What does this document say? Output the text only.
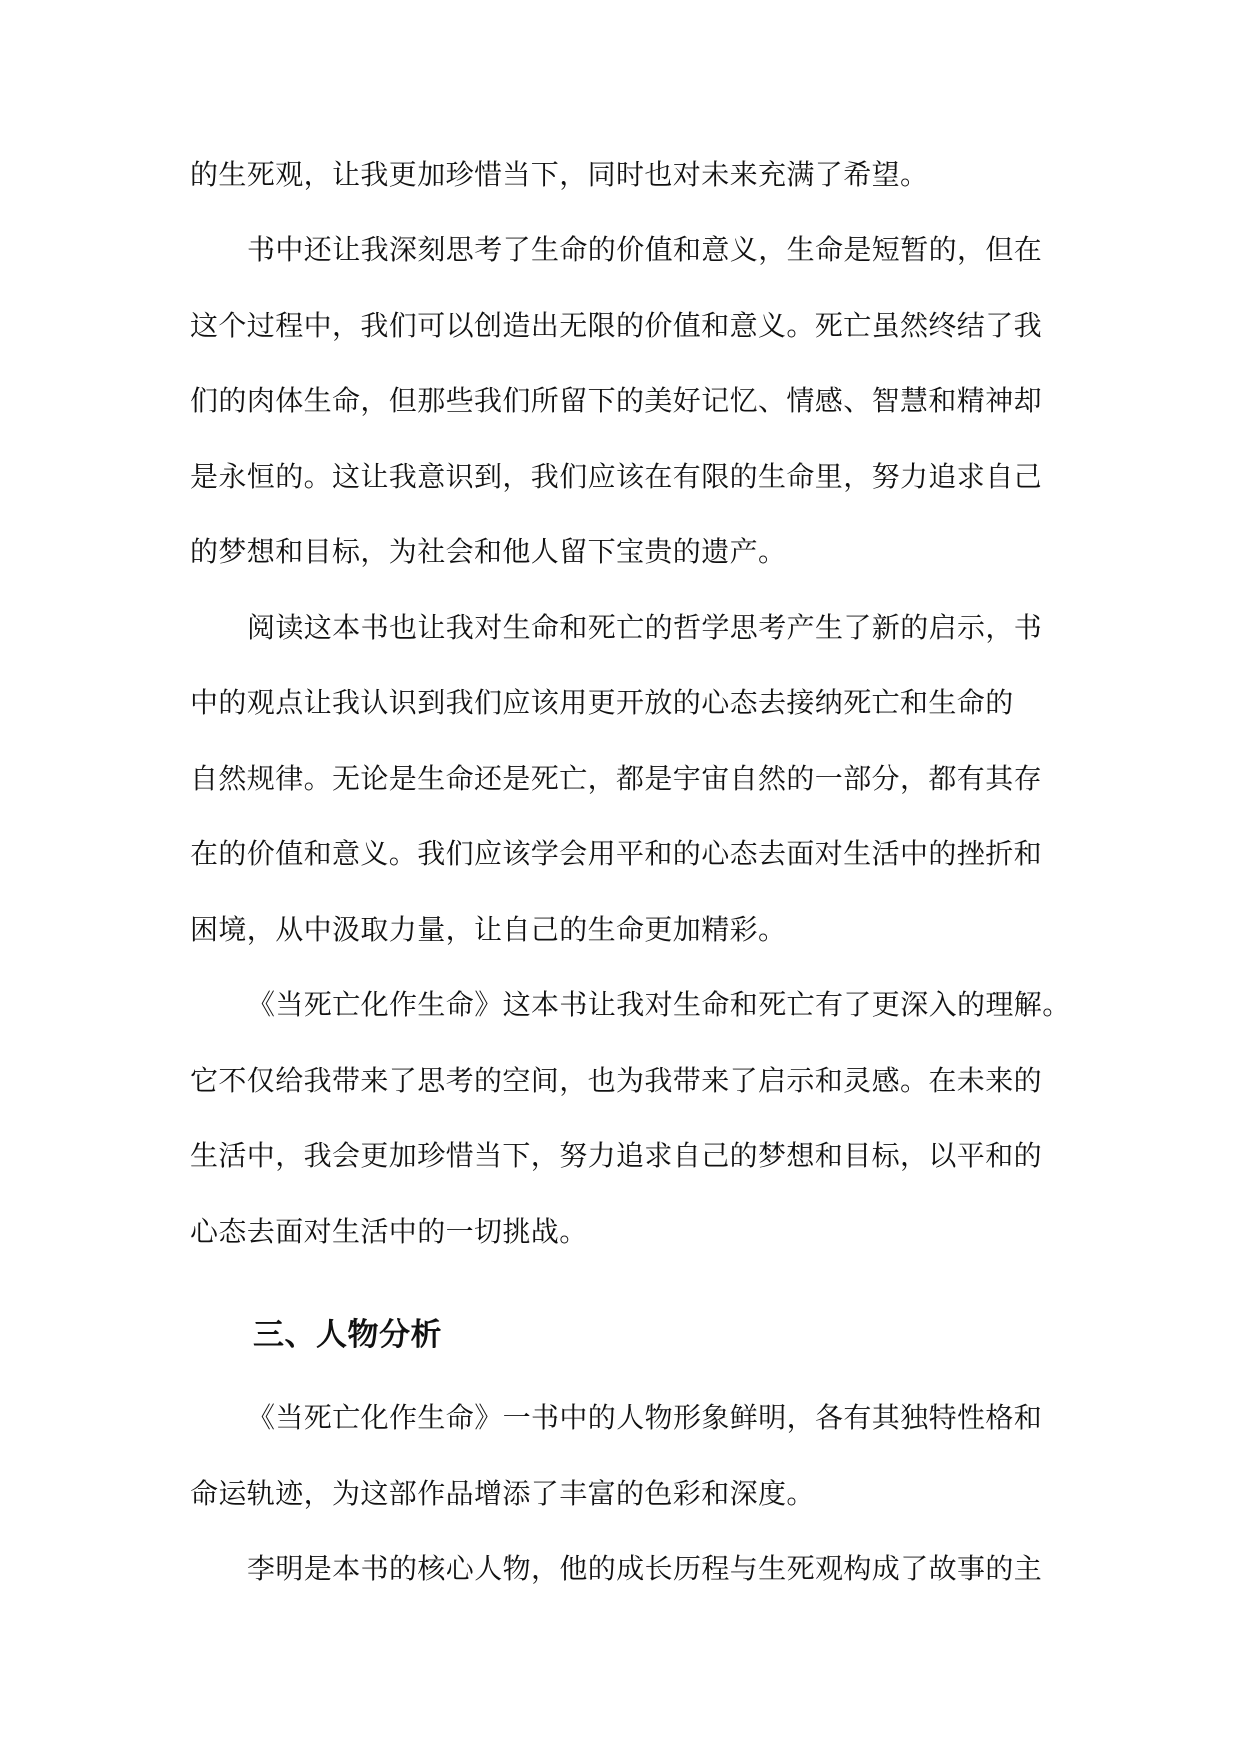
的生死观，让我更加珍惜当下，同时也对未来充满了希望。

书中还让我深刻思考了生命的价值和意义，生命是短暂的，但在

这个过程中，我们可以创造出无限的价值和意义。死亡虽然终结了我

们的肉体生命，但那些我们所留下的美好记忆、情感、智慧和精神却

是永恒的。这让我意识到，我们应该在有限的生命里，努力追求自己

的梦想和目标，为社会和他人留下宝贵的遗产。

阅读这本书也让我对生命和死亡的哲学思考产生了新的启示，书

中的观点让我认识到我们应该用更开放的心态去接纳死亡和生命的

自然规律。无论是生命还是死亡，都是宇宙自然的一部分，都有其存

在的价值和意义。我们应该学会用平和的心态去面对生活中的挫折和

困境，从中汲取力量，让自己的生命更加精彩。

《当死亡化作生命》这本书让我对生命和死亡有了更深入的理解。

它不仅给我带来了思考的空间，也为我带来了启示和灵感。在未来的

生活中，我会更加珍惜当下，努力追求自己的梦想和目标，以平和的

心态去面对生活中的一切挑战。

三、人物分析

《当死亡化作生命》一书中的人物形象鲜明，各有其独特性格和

命运轨迹，为这部作品增添了丰富的色彩和深度。

李明是本书的核心人物，他的成长历程与生死观构成了故事的主
